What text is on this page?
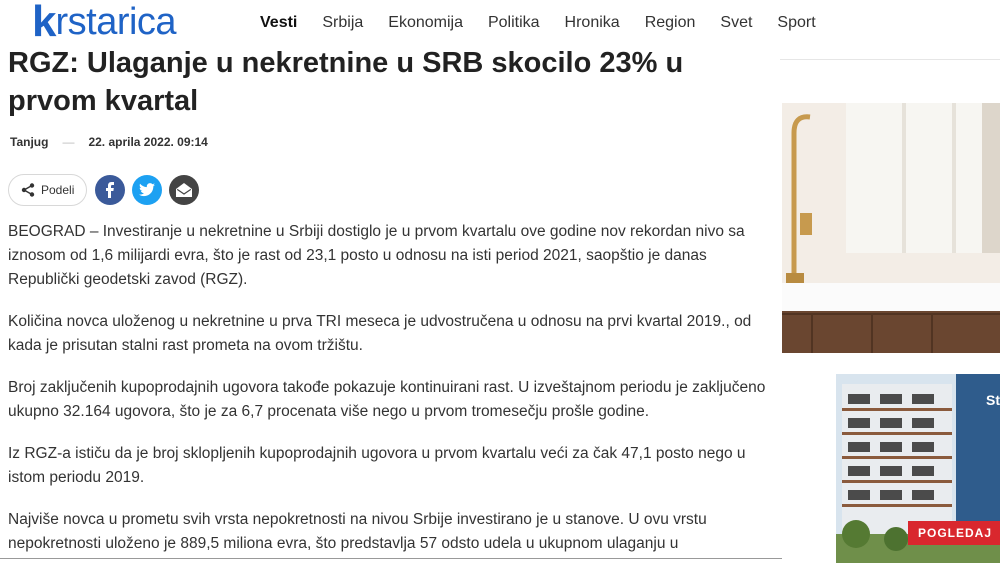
k rstarica	Vesti Srbija Ekonomija Politika Hronika Region Svet Sport
RGZ: Ulaganje u nekretnine u SRB skocilo 23% u prvom kvartal
Tanjug — 22. aprila 2022. 09:14
Podeli

BEOGRAD – Investiranje u nekretnine u Srbiji dostiglo je u prvom kvartalu ove godine nov rekordan nivo sa iznosom od 1,6 milijardi evra, što je rast od 23,1 posto u odnosu na isti period 2021, saopštio je danas Republički geodetski zavod (RGZ).

Količina novca uloženog u nekretnine u prva TRI meseca je udvostručena u odnosu na prvi kvartal 2019., od kada je prisutan stalni rast prometa na ovom tržištu.

Broj zaključenih kupoprodajnih ugovora takođe pokazuje kontinuirani rast. U izveštajnom periodu je zaključeno ukupno 32.164 ugovora, što je za 6,7 procenata više nego u prvom tromesečju prošle godine.

Iz RGZ-a ističu da je broj sklopljenih kupoprodajnih ugovora u prvom kvartalu veći za čak 47,1 posto nego u istom periodu 2019.

Najviše novca u prometu svih vrsta nepokretnosti na nivou Srbije investirano je u stanove. U ovu vrstu nepokretnosti uloženo je 889,5 miliona evra, što predstavlja 57 odsto udela u ukupnom ulaganju u

St
POGLEDAJ
